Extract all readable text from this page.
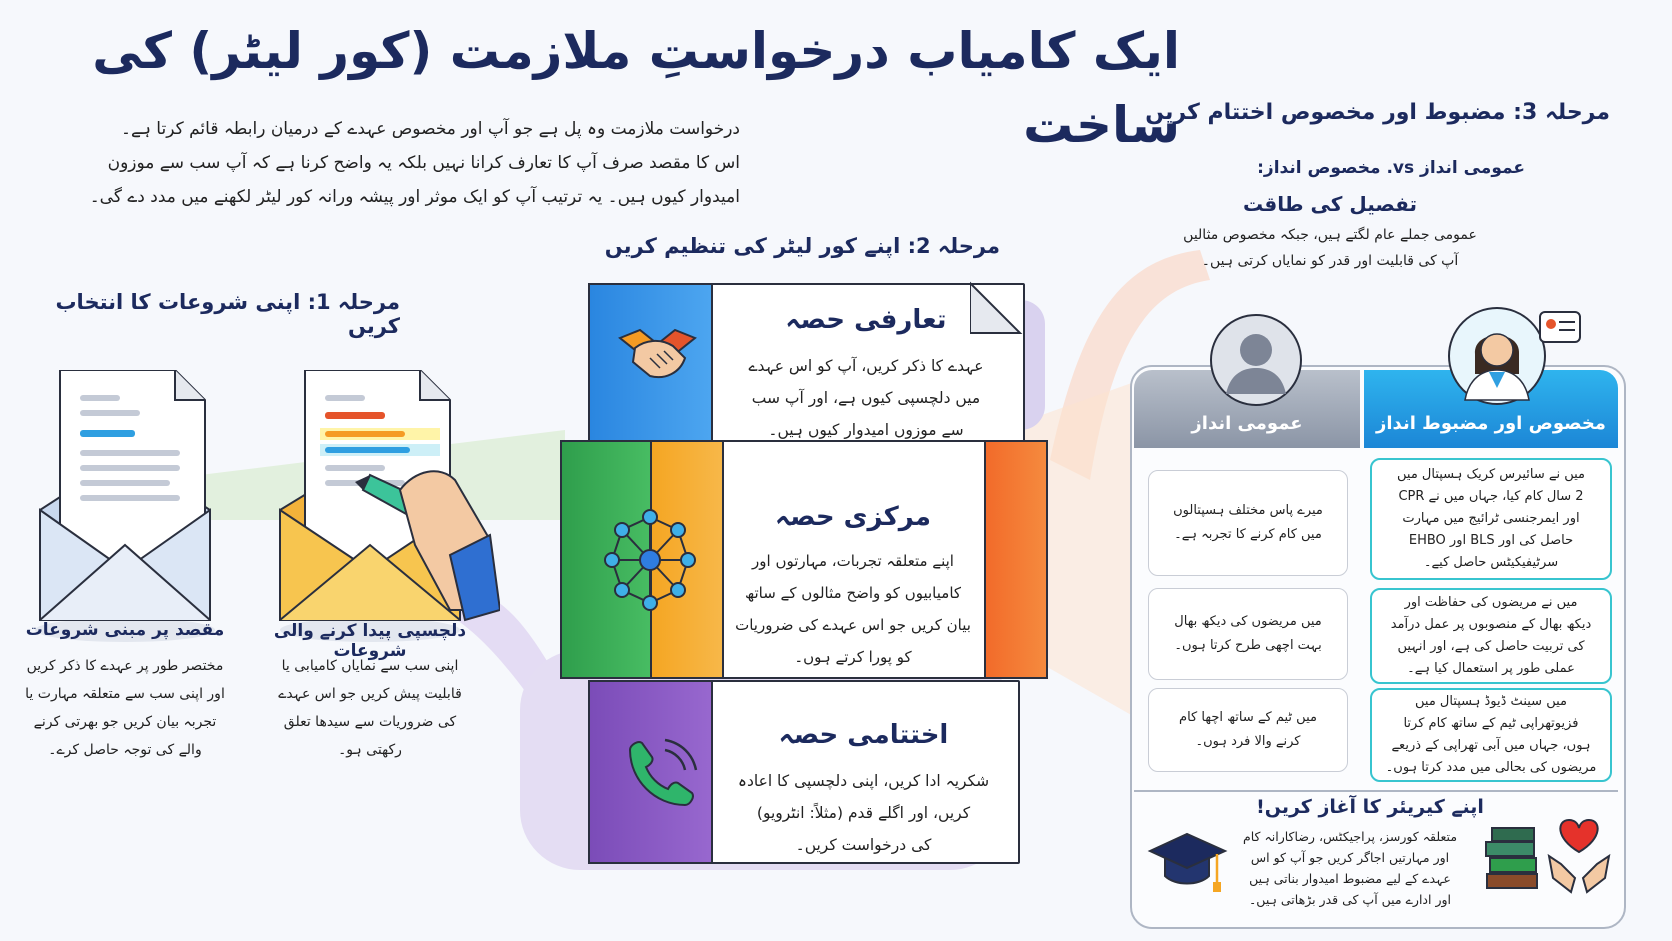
ایک کامیاب درخواستِ ملازمت (کور لیٹر) کی ساخت
درخواست ملازمت وہ پل ہے جو آپ اور مخصوص عہدے کے درمیان رابطہ قائم کرتا ہے۔
اس کا مقصد صرف آپ کا تعارف کرانا نہیں بلکہ یہ واضح کرنا ہے کہ آپ سب سے موزون
امیدوار کیوں ہیں۔ یہ ترتیب آپ کو ایک موثر اور پیشہ ورانہ کور لیٹر لکھنے میں مدد دے گی۔
مرحلہ 1: اپنی شروعات کا انتخاب کریں
مقصد پر مبنی شروعات
مختصر طور پر عہدے کا ذکر کریں
اور اپنی سب سے متعلقہ مہارت یا
تجربہ بیان کریں جو بھرتی کرنے
والے کی توجہ حاصل کرے۔
دلچسپی پیدا کرنے والی شروعات
اپنی سب سے نمایاں کامیابی یا
قابلیت پیش کریں جو اس عہدے
کی ضروریات سے سیدھا تعلق
رکھتی ہو۔
مرحلہ 2: اپنے کور لیٹر کی تنظیم کریں
تعارفی حصہ
عہدے کا ذکر کریں، آپ کو اس عہدے
میں دلچسپی کیوں ہے، اور آپ سب
سے موزوں امیدوار کیوں ہیں۔
مرکزی حصہ
اپنے متعلقہ تجربات، مہارتوں اور
کامیابیوں کو واضح مثالوں کے ساتھ
بیان کریں جو اس عہدے کی ضروریات
کو پورا کرتے ہوں۔
اختتامی حصہ
شکریہ ادا کریں، اپنی دلچسپی کا اعادہ
کریں، اور اگلے قدم (مثلاً: انٹرویو)
کی درخواست کریں۔
مرحلہ 3: مضبوط اور مخصوص اختتام کریں
عمومی انداز vs. مخصوص انداز:
تفصیل کی طاقت
عمومی جملے عام لگتے ہیں، جبکہ مخصوص مثالیں
آپ کی قابلیت اور قدر کو نمایاں کرتی ہیں۔
عمومی انداز	مخصوص اور مضبوط انداز
میرے پاس مختلف ہسپتالوں
میں کام کرنے کا تجربہ ہے۔
میں مریضوں کی دیکھ بھال
بہت اچھی طرح کرتا ہوں۔
میں ٹیم کے ساتھ اچھا کام
کرنے والا فرد ہوں۔
میں نے سائیرس کریک ہسپتال میں
2 سال کام کیا، جہاں میں نے CPR
اور ایمرجنسی ٹرائیج میں مہارت
حاصل کی اور BLS اور EHBO
سرٹیفیکیٹس حاصل کیے۔
میں نے مریضوں کی حفاظت اور
دیکھ بھال کے منصوبوں پر عمل درآمد
کی تربیت حاصل کی ہے، اور انہیں
عملی طور پر استعمال کیا ہے۔
میں سینٹ ڈیوڈ ہسپتال میں
فزیوتھراپی ٹیم کے ساتھ کام کرتا
ہوں، جہاں میں آبی تھراپی کے ذریعے
مریضوں کی بحالی میں مدد کرتا ہوں۔
اپنے کیریئر کا آغاز کریں!
متعلقہ کورسز، پراجیکٹس، رضاکارانہ کام
اور مہارتیں اجاگر کریں جو آپ کو اس
عہدے کے لیے مضبوط امیدوار بناتی ہیں
اور ادارے میں آپ کی قدر بڑھاتی ہیں۔
